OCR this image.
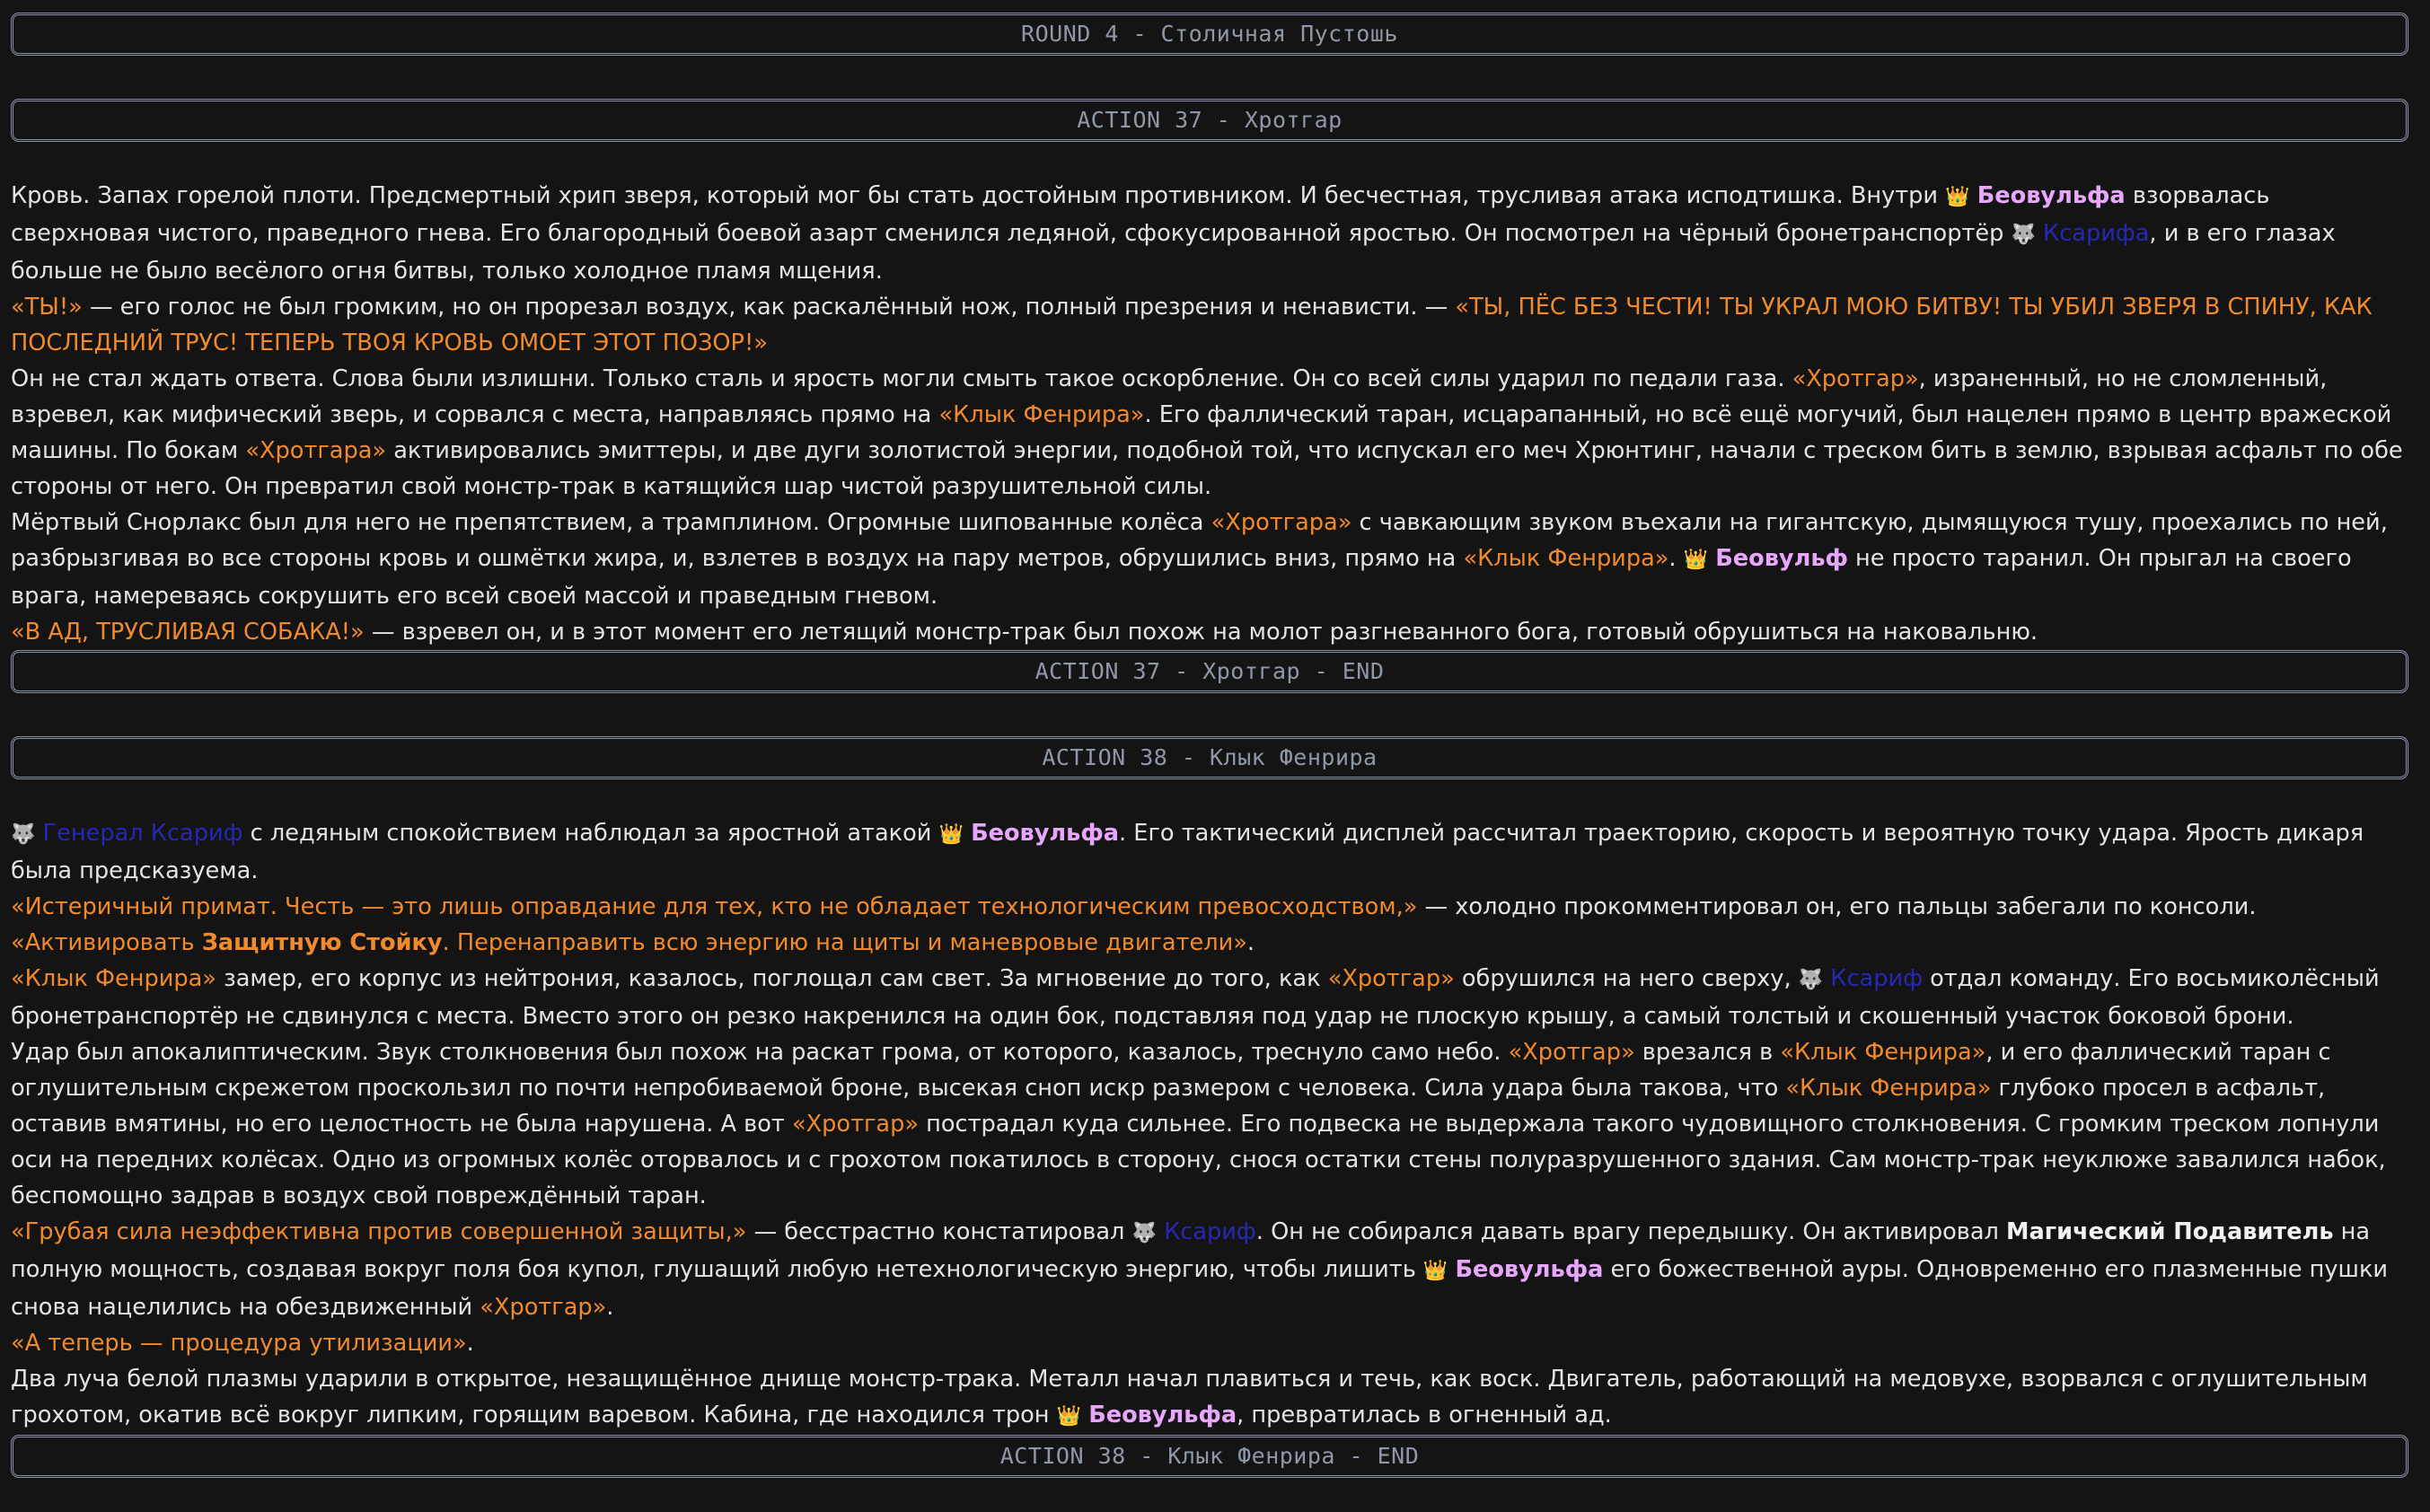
ROUND 4 - Столичная Пустошь
ACTION 37 - Хротгар
Кровь. Запах горелой плоти. Предсмертный хрип зверя, который мог бы стать достойным противником. И бесчестная, трусливая атака исподтишка. Внутри 👑 Беовульфа взорвалась сверхновая чистого, праведного гнева. Его благородный боевой азарт сменился ледяной, сфокусированной яростью. Он посмотрел на чёрный бронетранспортёр 🐺 Ксарифа, и в его глазах больше не было весёлого огня битвы, только холодное пламя мщения.
«ТЫ!» — его голос не был громким, но он прорезал воздух, как раскалённый нож, полный презрения и ненависти. — «ТЫ, ПЁС БЕЗ ЧЕСТИ! ТЫ УКРАЛ МОЮ БИТВУ! ТЫ УБИЛ ЗВЕРЯ В СПИНУ, КАК ПОСЛЕДНИЙ ТРУС! ТЕПЕРЬ ТВОЯ КРОВЬ ОМОЕТ ЭТОТ ПОЗОР!»
Он не стал ждать ответа. Слова были излишни. Только сталь и ярость могли смыть такое оскорбление. Он со всей силы ударил по педали газа. «Хротгар», израненный, но не сломленный, взревел, как мифический зверь, и сорвался с места, направляясь прямо на «Клык Фенрира». Его фаллический таран, исцарапанный, но всё ещё могучий, был нацелен прямо в центр вражеской машины. По бокам «Хротгара» активировались эмиттеры, и две дуги золотистой энергии, подобной той, что испускал его меч Хрюнтинг, начали с треском бить в землю, взрывая асфальт по обе стороны от него. Он превратил свой монстр-трак в катящийся шар чистой разрушительной силы.
Мёртвый Снорлакс был для него не препятствием, а трамплином. Огромные шипованные колёса «Хротгара» с чавкающим звуком въехали на гигантскую, дымящуюся тушу, проехались по ней, разбрызгивая во все стороны кровь и ошмётки жира, и, взлетев в воздух на пару метров, обрушились вниз, прямо на «Клык Фенрира». 👑 Беовульф не просто таранил. Он прыгал на своего врага, намереваясь сокрушить его всей своей массой и праведным гневом.
«В АД, ТРУСЛИВАЯ СОБАКА!» — взревел он, и в этот момент его летящий монстр-трак был похож на молот разгневанного бога, готовый обрушиться на наковальню.
ACTION 37 - Хротгар - END
ACTION 38 - Клык Фенрира
🐺 Генерал Ксариф с ледяным спокойствием наблюдал за яростной атакой 👑 Беовульфа. Его тактический дисплей рассчитал траекторию, скорость и вероятную точку удара. Ярость дикаря была предсказуема.
«Истеричный примат. Честь — это лишь оправдание для тех, кто не обладает технологическим превосходством,» — холодно прокомментировал он, его пальцы забегали по консоли. «Активировать Защитную Стойку. Перенаправить всю энергию на щиты и маневровые двигатели».
«Клык Фенрира» замер, его корпус из нейтрония, казалось, поглощал сам свет. За мгновение до того, как «Хротгар» обрушился на него сверху, 🐺 Ксариф отдал команду. Его восьмиколёсный бронетранспортёр не сдвинулся с места. Вместо этого он резко накренился на один бок, подставляя под удар не плоскую крышу, а самый толстый и скошенный участок боковой брони.
Удар был апокалиптическим. Звук столкновения был похож на раскат грома, от которого, казалось, треснуло само небо. «Хротгар» врезался в «Клык Фенрира», и его фаллический таран с оглушительным скрежетом проскользил по почти непробиваемой броне, высекая сноп искр размером с человека. Сила удара была такова, что «Клык Фенрира» глубоко просел в асфальт, оставив вмятины, но его целостность не была нарушена. А вот «Хротгар» пострадал куда сильнее. Его подвеска не выдержала такого чудовищного столкновения. С громким треском лопнули оси на передних колёсах. Одно из огромных колёс оторвалось и с грохотом покатилось в сторону, снося остатки стены полуразрушенного здания. Сам монстр-трак неуклюже завалился набок, беспомощно задрав в воздух свой повреждённый таран.
«Грубая сила неэффективна против совершенной защиты,» — бесстрастно констатировал 🐺 Ксариф. Он не собирался давать врагу передышку. Он активировал Магический Подавитель на полную мощность, создавая вокруг поля боя купол, глушащий любую нетехнологическую энергию, чтобы лишить 👑 Беовульфа его божественной ауры. Одновременно его плазменные пушки снова нацелились на обездвиженный «Хротгар».
«А теперь — процедура утилизации».
Два луча белой плазмы ударили в открытое, незащищённое днище монстр-трака. Металл начал плавиться и течь, как воск. Двигатель, работающий на медовухе, взорвался с оглушительным грохотом, окатив всё вокруг липким, горящим варевом. Кабина, где находился трон 👑 Беовульфа, превратилась в огненный ад.
ACTION 38 - Клык Фенрира - END
